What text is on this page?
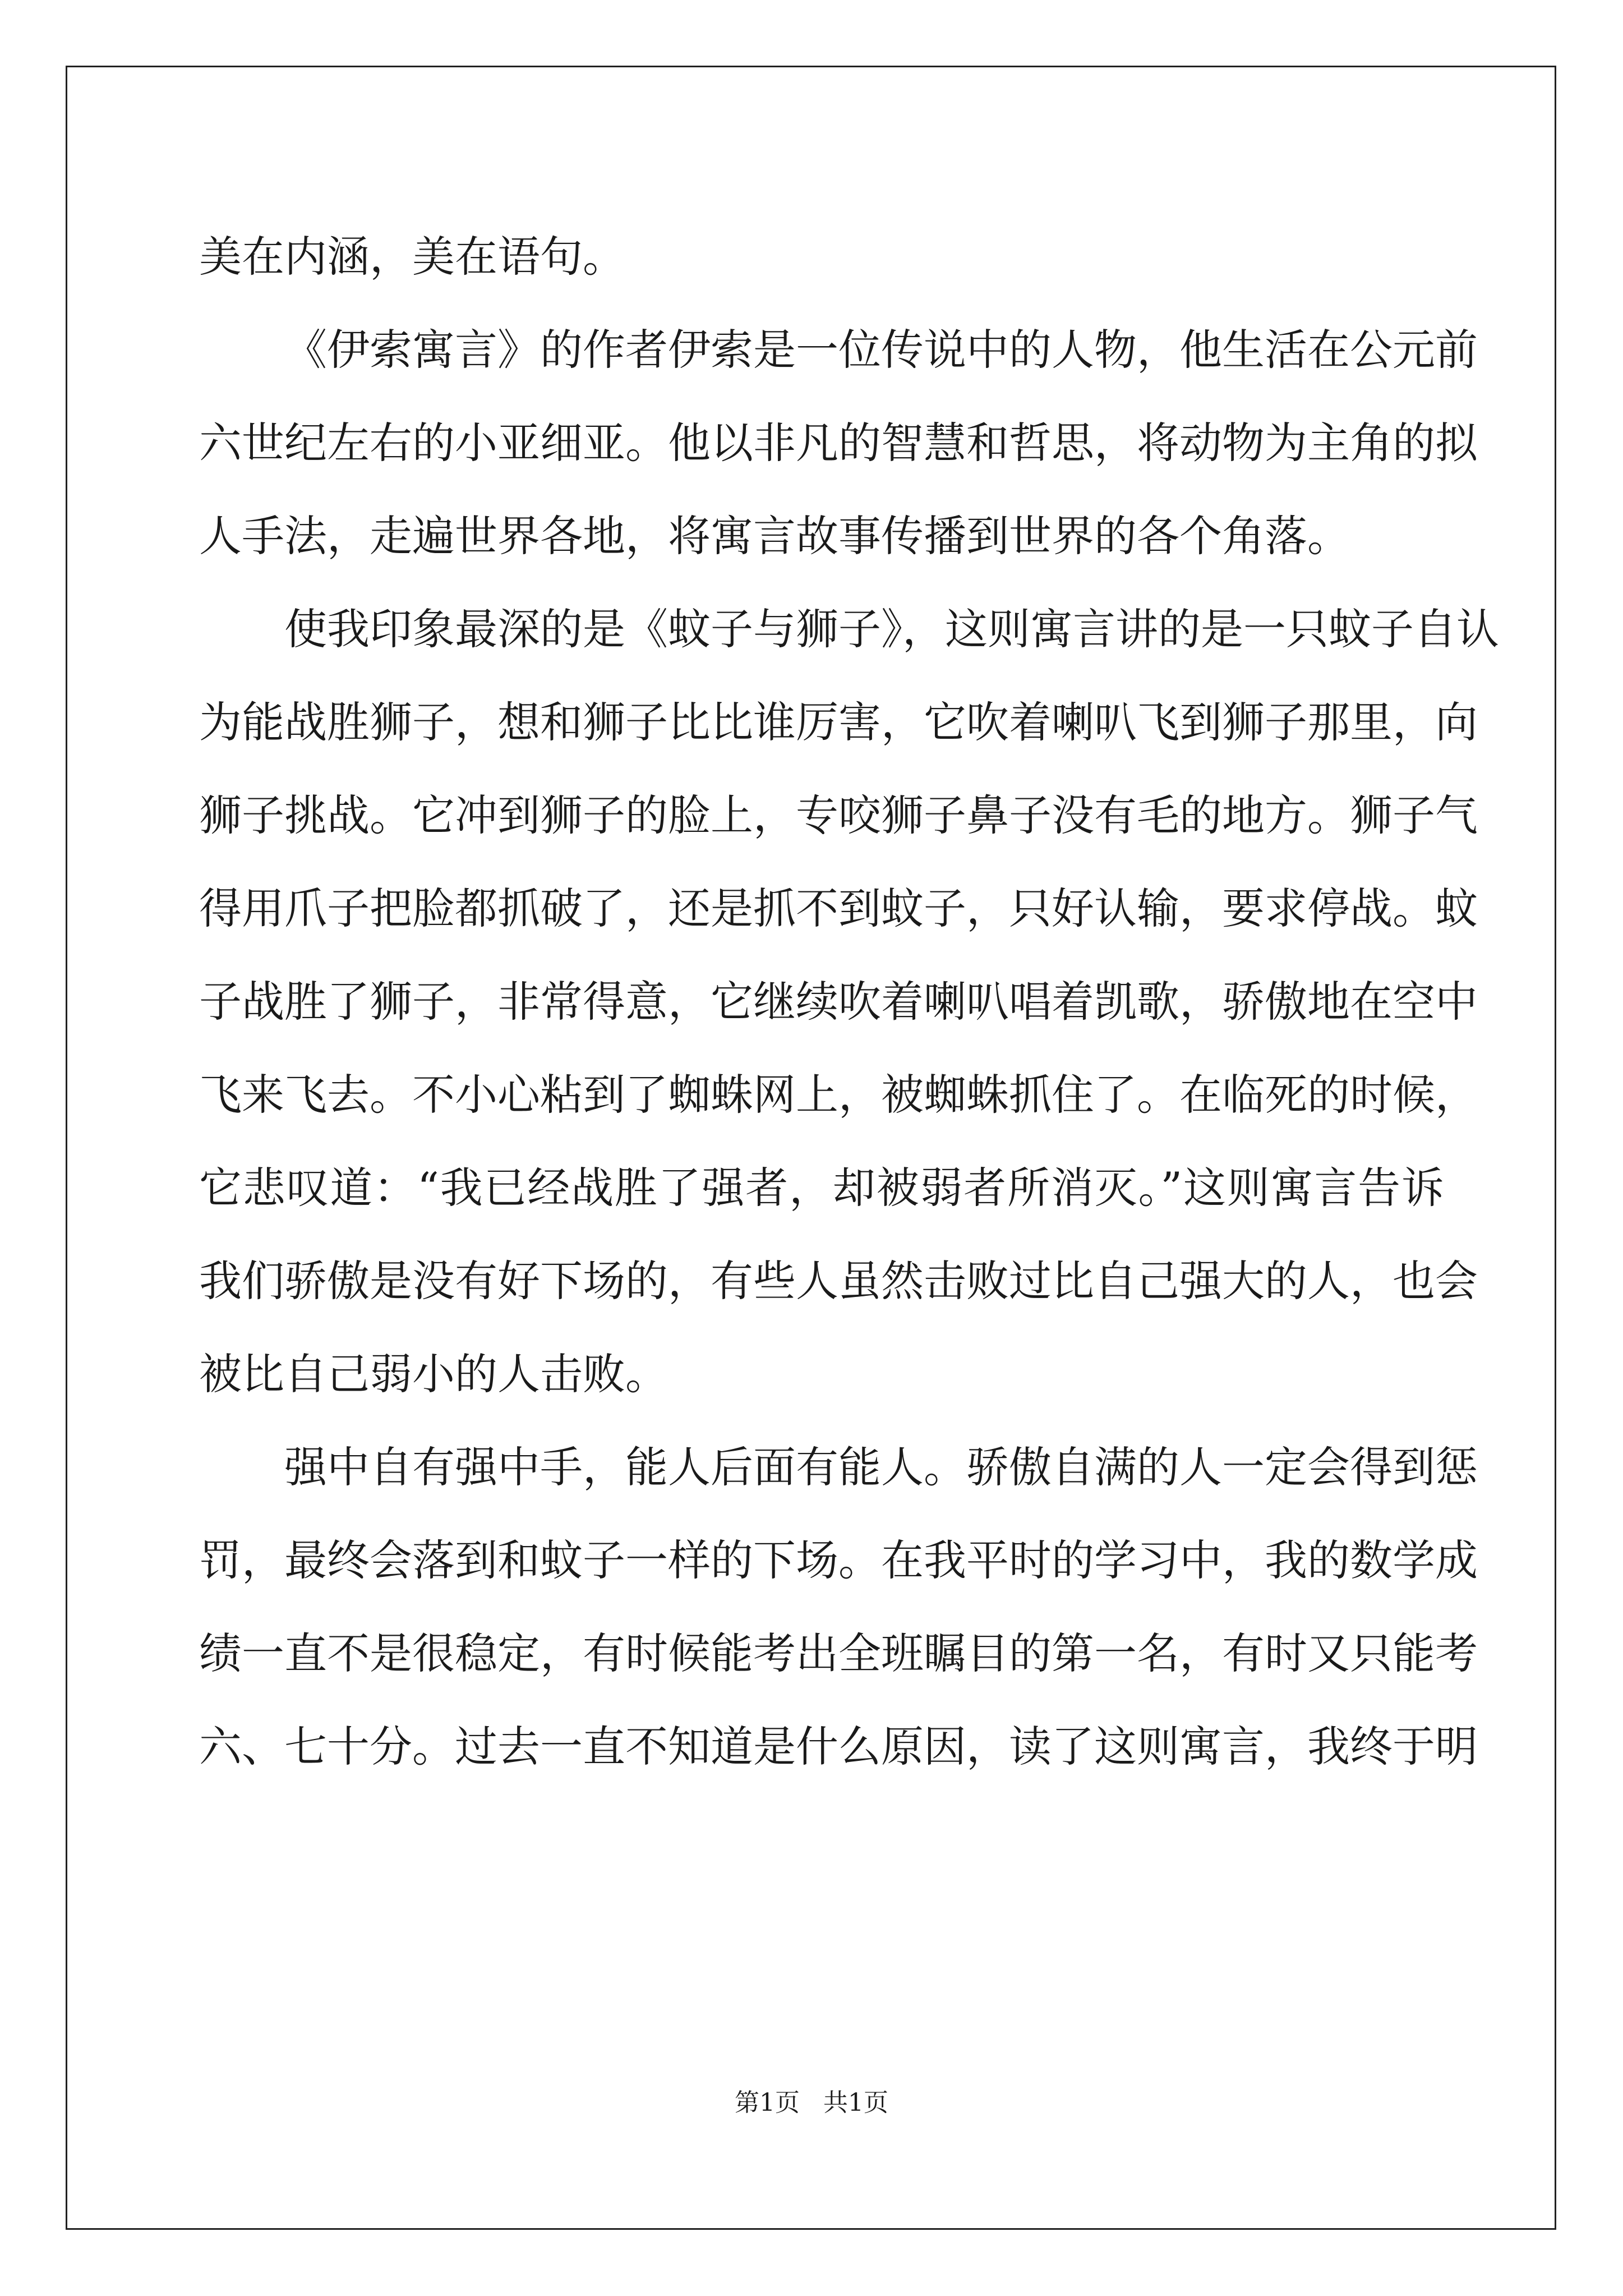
美在内涵，美在语句。
《伊索寓言》的作者伊索是一位传说中的人物，他生活在公元前
六世纪左右的小亚细亚。他以非凡的智慧和哲思，将动物为主角的拟
人手法，走遍世界各地，将寓言故事传播到世界的各个角落。
使我印象最深的是《蚊子与狮子》，这则寓言讲的是一只蚊子自认
为能战胜狮子，想和狮子比比谁厉害，它吹着喇叭飞到狮子那里，向
狮子挑战。它冲到狮子的脸上，专咬狮子鼻子没有毛的地方。狮子气
得用爪子把脸都抓破了，还是抓不到蚊子，只好认输，要求停战。蚊
子战胜了狮子，非常得意，它继续吹着喇叭唱着凯歌，骄傲地在空中
飞来飞去。不小心粘到了蜘蛛网上，被蜘蛛抓住了。在临死的时候，
它悲叹道：“我已经战胜了强者，却被弱者所消灭。”这则寓言告诉
我们骄傲是没有好下场的，有些人虽然击败过比自己强大的人，也会
被比自己弱小的人击败。
强中自有强中手，能人后面有能人。骄傲自满的人一定会得到惩
罚，最终会落到和蚊子一样的下场。在我平时的学习中，我的数学成
绩一直不是很稳定，有时候能考出全班瞩目的第一名，有时又只能考
六、七十分。过去一直不知道是什么原因，读了这则寓言，我终于明
第1页   共1页
